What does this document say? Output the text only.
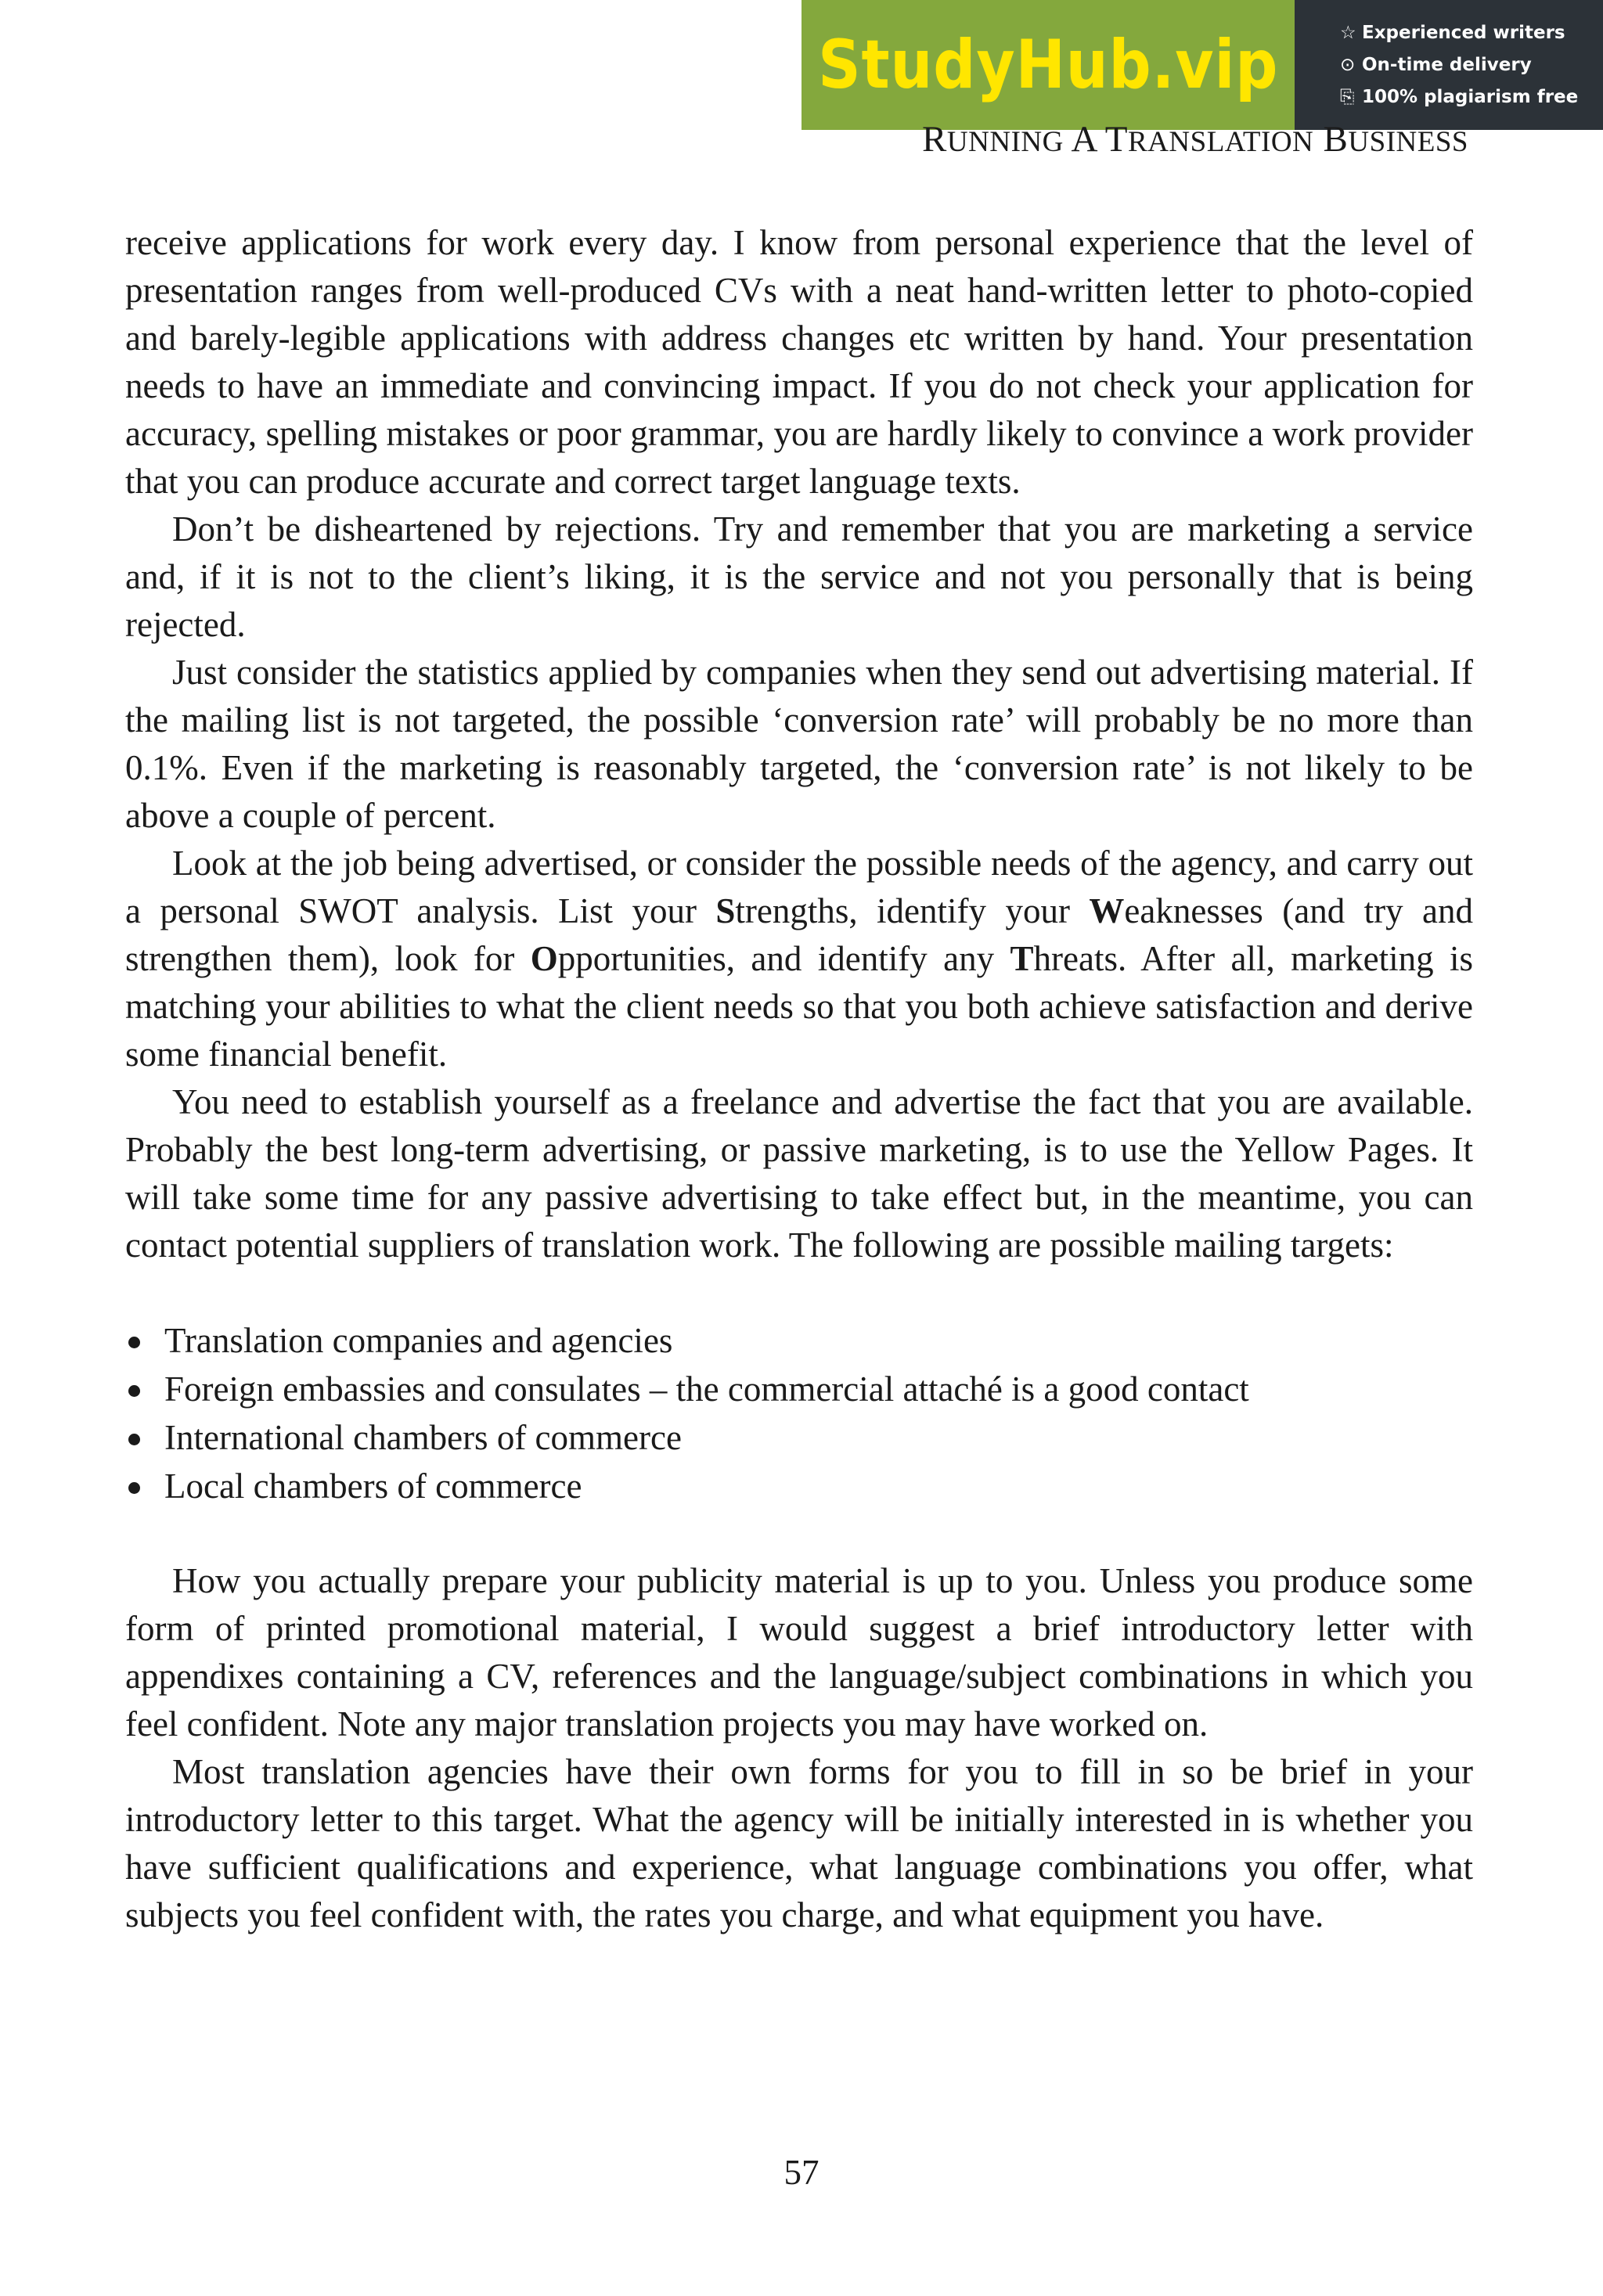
StudyHub.vip	☆ Experienced writers
⊙ On-time delivery
⎘ 100% plagiarism free
RUNNING A TRANSLATION BUSINESS

receive applications for work every day. I know from personal experience that the level of presentation ranges from well-produced CVs with a neat hand-written letter to photo-copied and barely-legible applications with address changes etc written by hand. Your presentation needs to have an immediate and convincing impact. If you do not check your application for accuracy, spelling mistakes or poor grammar, you are hardly likely to convince a work provider that you can produce accurate and correct target language texts.

Don’t be disheartened by rejections. Try and remember that you are marketing a service and, if it is not to the client’s liking, it is the service and not you personally that is being rejected.

Just consider the statistics applied by companies when they send out advertising material. If the mailing list is not targeted, the possible ‘conversion rate’ will probably be no more than 0.1%. Even if the marketing is reasonably targeted, the ‘conversion rate’ is not likely to be above a couple of percent.

Look at the job being advertised, or consider the possible needs of the agency, and carry out a personal SWOT analysis. List your Strengths, identify your Weaknesses (and try and strengthen them), look for Opportunities, and identify any Threats. After all, marketing is matching your abilities to what the client needs so that you both achieve satisfaction and derive some financial benefit.

You need to establish yourself as a freelance and advertise the fact that you are available. Probably the best long-term advertising, or passive marketing, is to use the Yellow Pages. It will take some time for any passive advertising to take effect but, in the meantime, you can contact potential suppliers of translation work. The following are possible mailing targets:

Translation companies and agencies
Foreign embassies and consulates – the commercial attaché is a good contact
International chambers of commerce
Local chambers of commerce

How you actually prepare your publicity material is up to you. Unless you produce some form of printed promotional material, I would suggest a brief introductory letter with appendixes containing a CV, references and the language/subject combinations in which you feel confident. Note any major translation projects you may have worked on.

Most translation agencies have their own forms for you to fill in so be brief in your introductory letter to this target. What the agency will be initially interested in is whether you have sufficient qualifications and experience, what language combinations you offer, what subjects you feel confident with, the rates you charge, and what equipment you have.

57
